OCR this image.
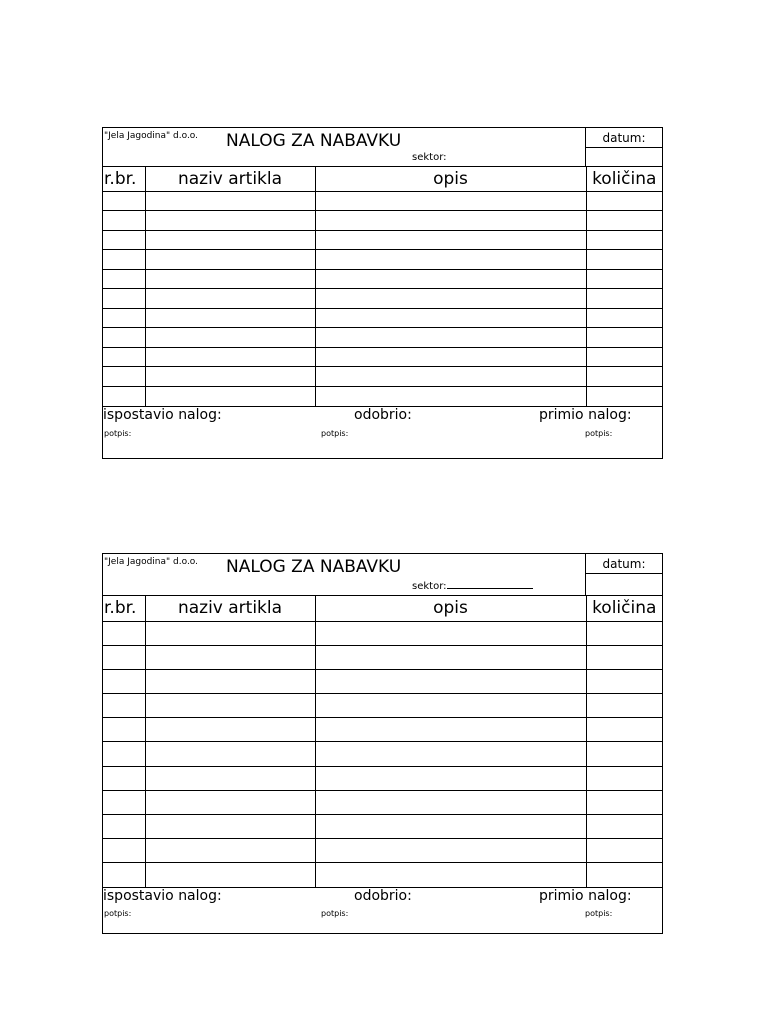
"Jela Jagodina" d.o.o. NALOG ZA NABAVKU
sektor:
datum:
r.br.	naziv artikla	opis	količina

ispostavio nalog:
potpis:
odobrio:
potpis:
primio nalog:
potpis:
"Jela Jagodina" d.o.o. NALOG ZA NABAVKU
sektor:
datum:
r.br.	naziv artikla	opis	količina

ispostavio nalog:
potpis:
odobrio:
potpis:
primio nalog:
potpis:
